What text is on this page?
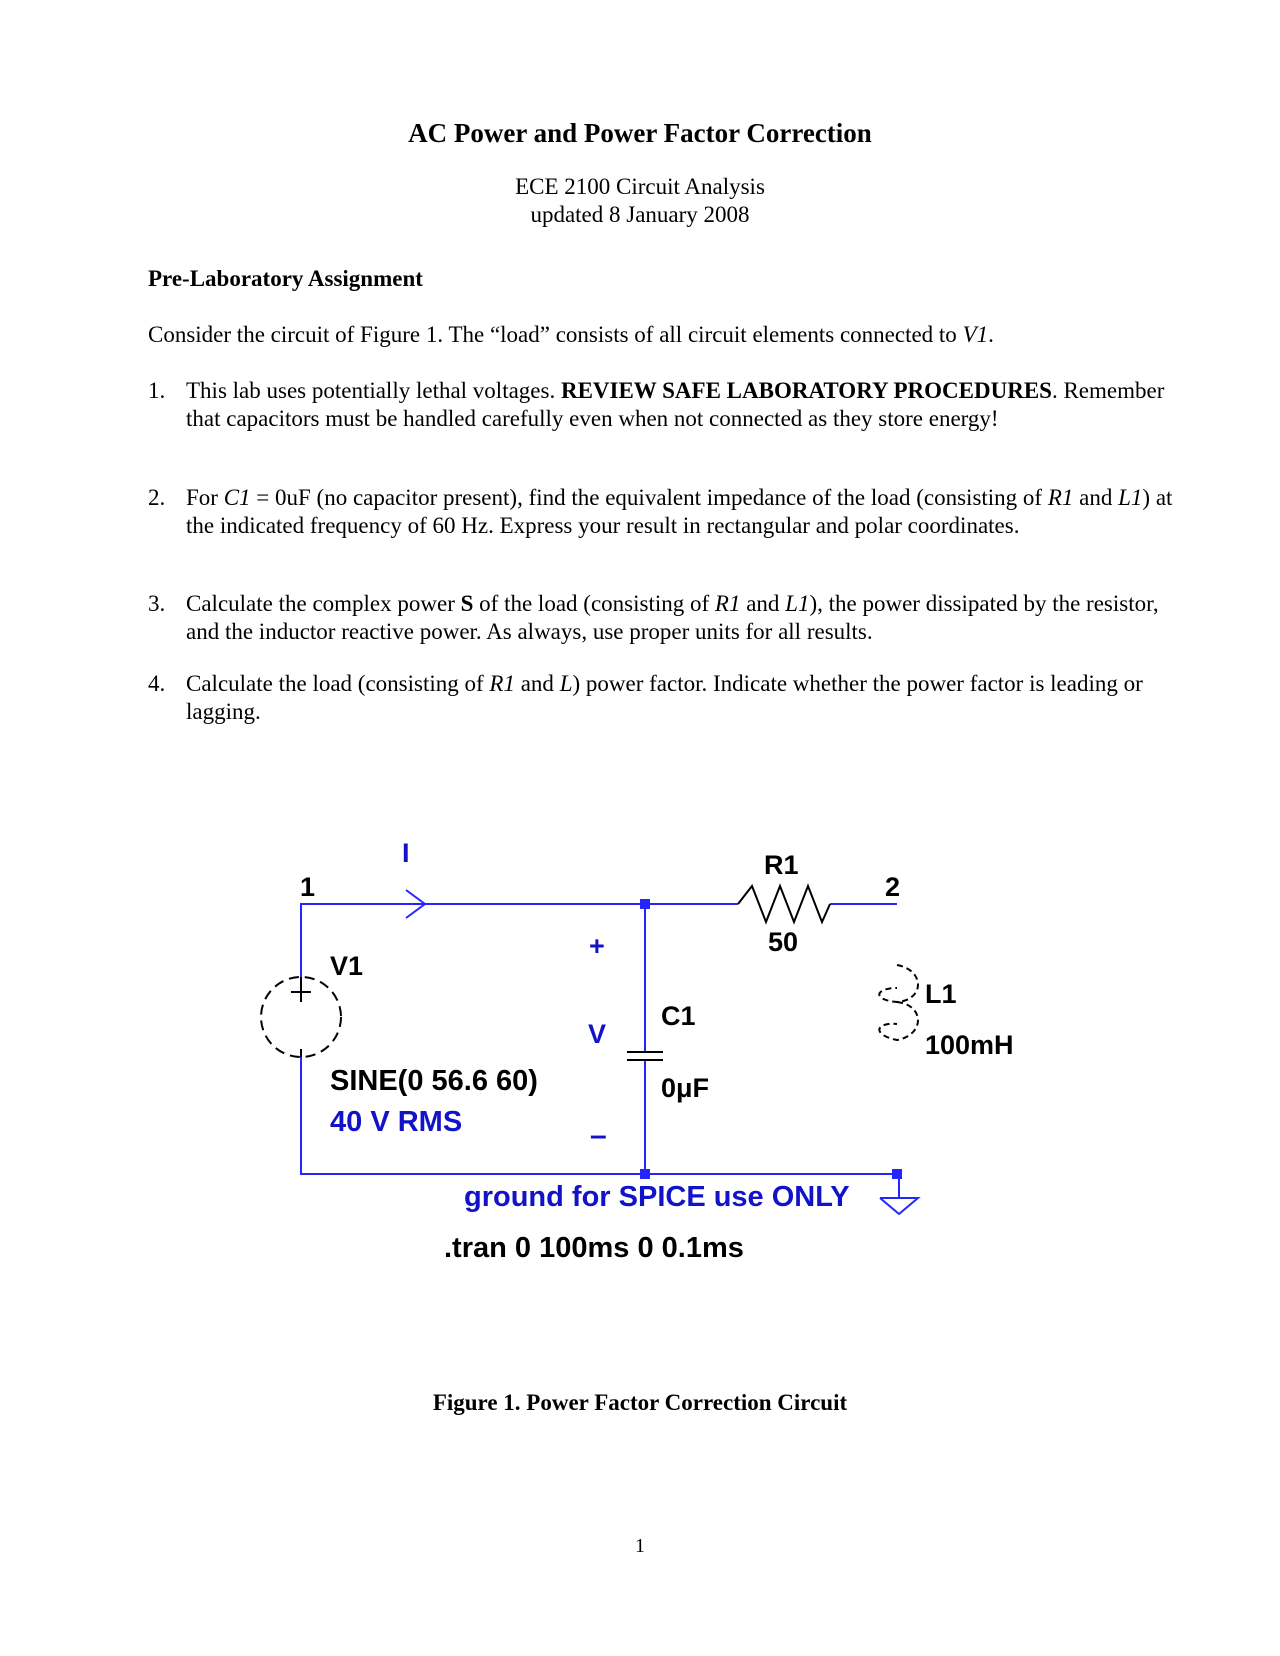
AC Power and Power Factor Correction
ECE 2100 Circuit Analysis
updated 8 January 2008
Pre-Laboratory Assignment
Consider the circuit of Figure 1. The “load” consists of all circuit elements connected to V1.
1. This lab uses potentially lethal voltages. REVIEW SAFE LABORATORY PROCEDURES. Remember that capacitors must be handled carefully even when not connected as they store energy!
2. For C1 = 0uF (no capacitor present), find the equivalent impedance of the load (consisting of R1 and L1) at the indicated frequency of 60 Hz. Express your result in rectangular and polar coordinates.
3. Calculate the complex power S of the load (consisting of R1 and L1), the power dissipated by the resistor, and the inductor reactive power. As always, use proper units for all results.
4. Calculate the load (consisting of R1 and L) power factor. Indicate whether the power factor is leading or lagging.
1	2
I
V1
SINE(0 56.6 60)
40 V RMS
+
V
–
R1
50
C1
0μF
L1
100mH
ground for SPICE use ONLY
.tran 0 100ms 0 0.1ms
Figure 1. Power Factor Correction Circuit
1
